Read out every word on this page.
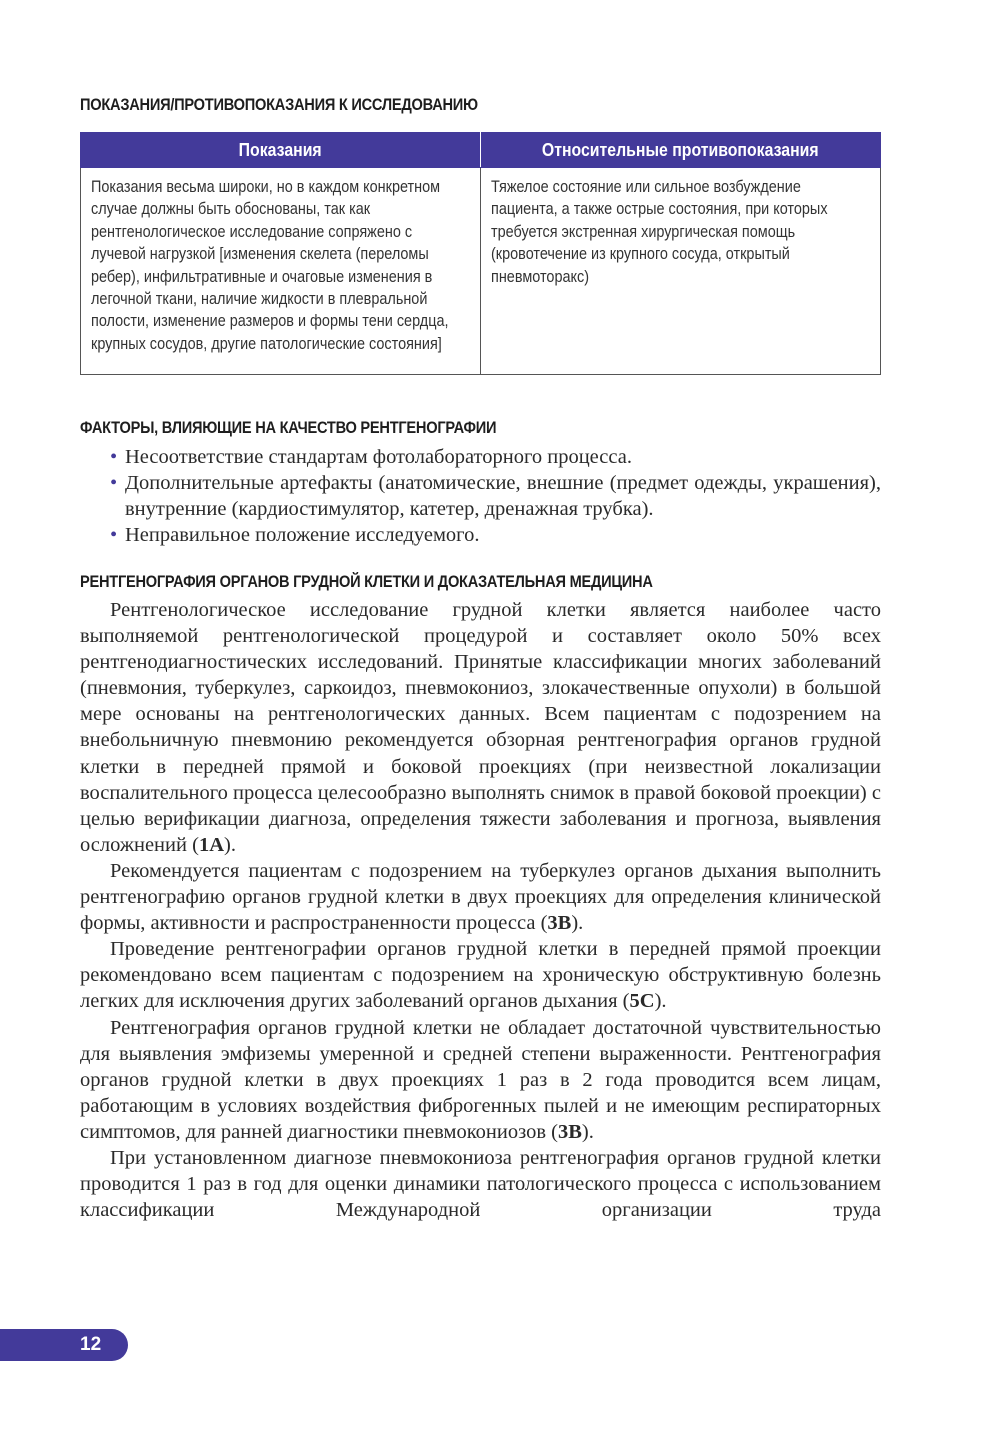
ПОКАЗАНИЯ/ПРОТИВОПОКАЗАНИЯ К ИССЛЕДОВАНИЮ
Показания	Относительные противопоказания

Показания весьма широки, но в каждом конкретном случае должны быть обоснованы, так как рентгенологическое исследование сопряжено с лучевой нагрузкой [изменения скелета (переломы ребер), инфильтративные и очаговые изменения в легочной ткани, наличие жидкости в плевральной полости, изменение размеров и формы тени сердца, крупных сосудов, другие патологические состояния]	Тяжелое состояние или сильное возбуждение пациента, а также острые состояния, при которых требуется экстренная хирургическая помощь (кровотечение из крупного сосуда, открытый пневмоторакс)
ФАКТОРЫ, ВЛИЯЮЩИЕ НА КАЧЕСТВО РЕНТГЕНОГРАФИИ
• Несоответствие стандартам фотолабораторного процесса.
• Дополнительные артефакты (анатомические, внешние (предмет одежды, украшения), внутренние (кардиостимулятор, катетер, дренажная трубка).
• Неправильное положение исследуемого.
РЕНТГЕНОГРАФИЯ ОРГАНОВ ГРУДНОЙ КЛЕТКИ И ДОКАЗАТЕЛЬНАЯ МЕДИЦИНА

Рентгенологическое исследование грудной клетки является наиболее часто выполняемой рентгенологической процедурой и составляет около 50% всех рентгенодиагностических исследований. Принятые классификации многих заболеваний (пневмония, туберкулез, саркоидоз, пневмокониоз, злокачественные опухоли) в большой мере основаны на рентгенологических данных. Всем пациентам с подозрением на внебольничную пневмонию рекомендуется обзорная рентгенография органов грудной клетки в передней прямой и боковой проекциях (при неизвестной локализации воспалительного процесса целесообразно выполнять снимок в правой боковой проекции) с целью верификации диагноза, определения тяжести заболевания и прогноза, выявления осложнений (1А).

Рекомендуется пациентам с подозрением на туберкулез органов дыхания выполнить рентгенографию органов грудной клетки в двух проекциях для определения клинической формы, активности и распространенности процесса (3В).

Проведение рентгенографии органов грудной клетки в передней прямой проекции рекомендовано всем пациентам с подозрением на хроническую обструктивную болезнь легких для исключения других заболеваний органов дыхания (5С).

Рентгенография органов грудной клетки не обладает достаточной чувствительностью для выявления эмфиземы умеренной и средней степени выраженности. Рентгенография органов грудной клетки в двух проекциях 1 раз в 2 года проводится всем лицам, работающим в условиях воздействия фиброгенных пылей и не имеющим респираторных симптомов, для ранней диагностики пневмокониозов (3В).

При установленном диагнозе пневмокониоза рентгенография органов грудной клетки проводится 1 раз в год для оценки динамики патологического процесса с использованием классификации Международной организации труда

12
